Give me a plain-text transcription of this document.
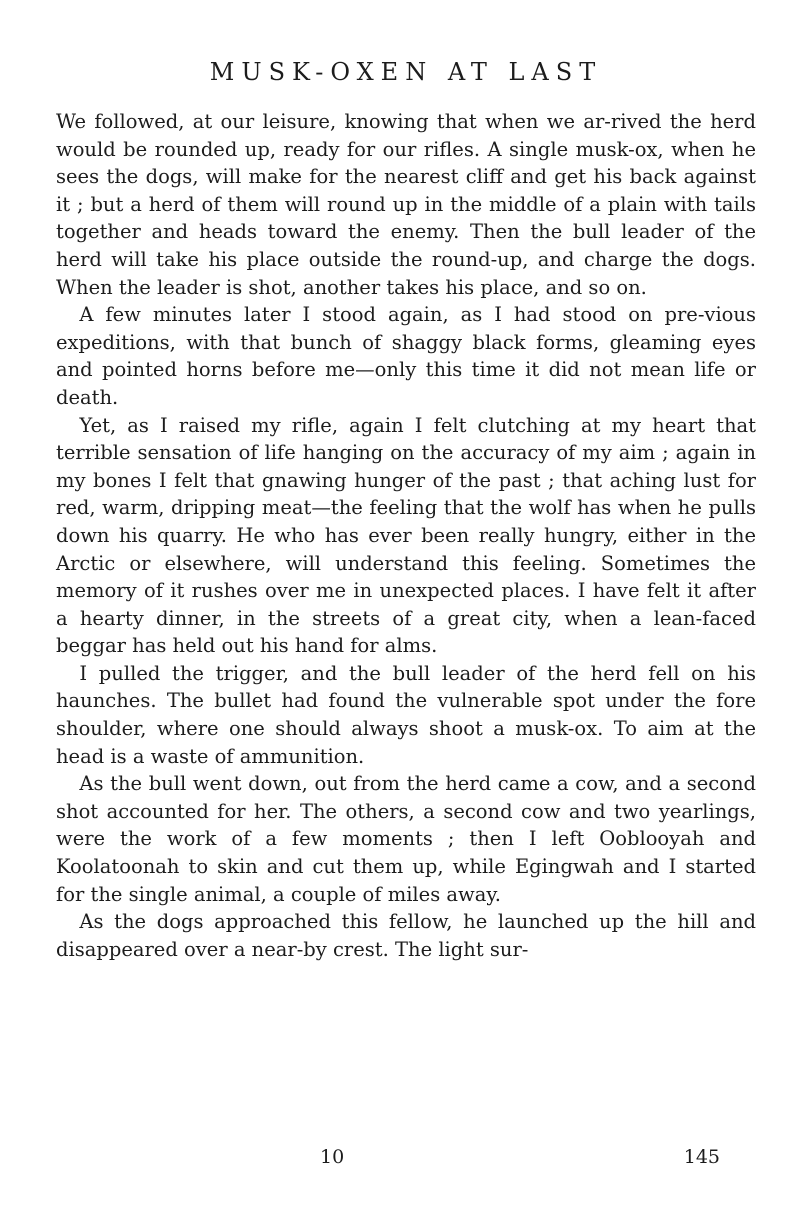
MUSK-OXEN AT LAST

We followed, at our leisure, knowing that when we ar-rived the herd would be rounded up, ready for our rifles. A single musk-ox, when he sees the dogs, will make for the nearest cliff and get his back against it ; but a herd of them will round up in the middle of a plain with tails together and heads toward the enemy. Then the bull leader of the herd will take his place outside the round-up, and charge the dogs. When the leader is shot, another takes his place, and so on.

A few minutes later I stood again, as I had stood on pre-vious expeditions, with that bunch of shaggy black forms, gleaming eyes and pointed horns before me—only this time it did not mean life or death.

Yet, as I raised my rifle, again I felt clutching at my heart that terrible sensation of life hanging on the accuracy of my aim ; again in my bones I felt that gnawing hunger of the past ; that aching lust for red, warm, dripping meat—the feeling that the wolf has when he pulls down his quarry. He who has ever been really hungry, either in the Arctic or elsewhere, will understand this feeling. Sometimes the memory of it rushes over me in unexpected places. I have felt it after a hearty dinner, in the streets of a great city, when a lean-faced beggar has held out his hand for alms.

I pulled the trigger, and the bull leader of the herd fell on his haunches. The bullet had found the vulnerable spot under the fore shoulder, where one should always shoot a musk-ox. To aim at the head is a waste of ammunition.

As the bull went down, out from the herd came a cow, and a second shot accounted for her. The others, a second cow and two yearlings, were the work of a few moments ; then I left Ooblooyah and Koolatoonah to skin and cut them up, while Egingwah and I started for the single animal, a couple of miles away.

As the dogs approached this fellow, he launched up the hill and disappeared over a near-by crest. The light sur-

10	145
